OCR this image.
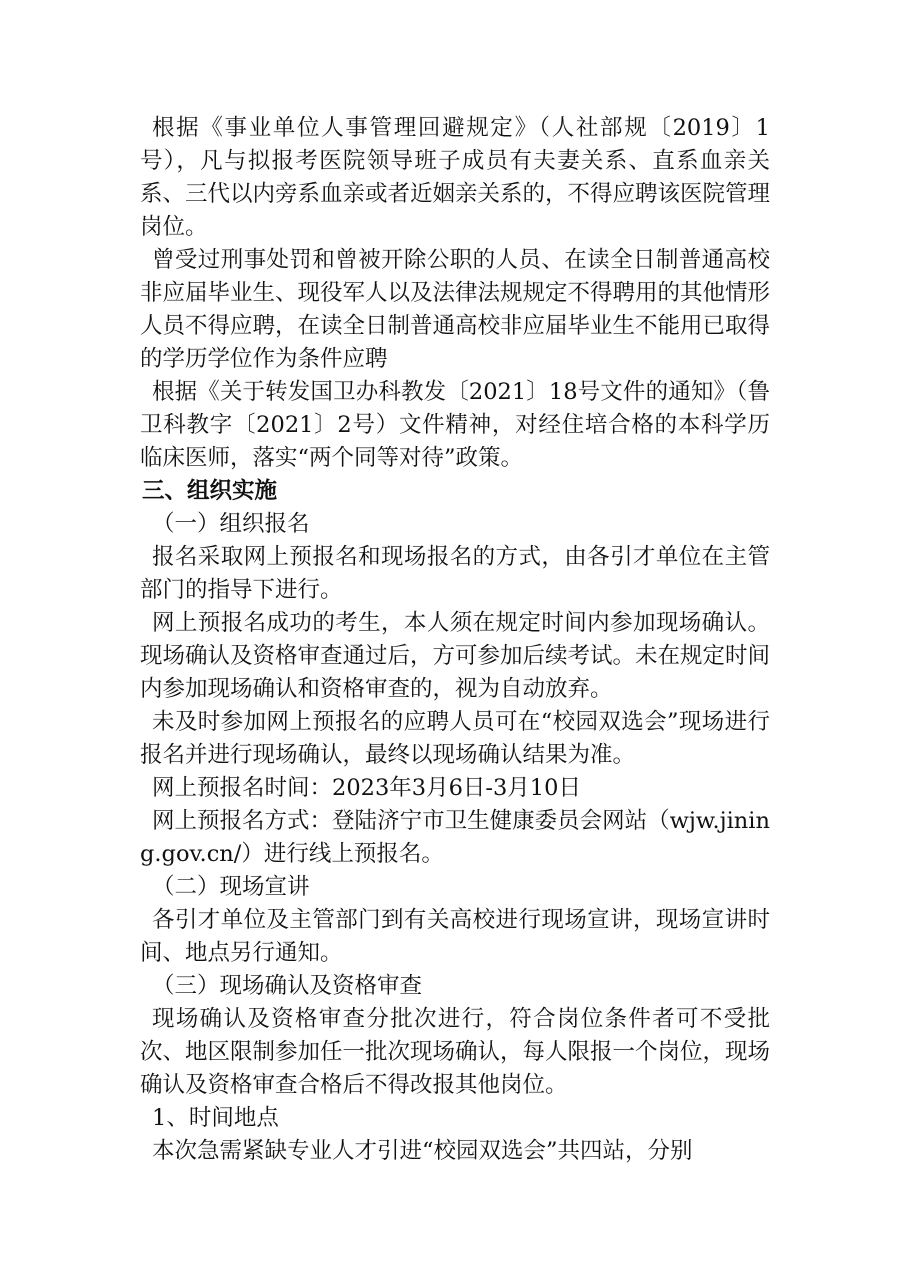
根据《事业单位人事管理回避规定》（人社部规〔2019〕1号），凡与拟报考医院领导班子成员有夫妻关系、直系血亲关系、三代以内旁系血亲或者近姻亲关系的，不得应聘该医院管理岗位。

曾受过刑事处罚和曾被开除公职的人员、在读全日制普通高校非应届毕业生、现役军人以及法律法规规定不得聘用的其他情形人员不得应聘，在读全日制普通高校非应届毕业生不能用已取得的学历学位作为条件应聘

根据《关于转发国卫办科教发〔2021〕18号文件的通知》（鲁卫科教字〔2021〕2号）文件精神，对经住培合格的本科学历临床医师，落实“两个同等对待”政策。

三、组织实施

（一）组织报名

报名采取网上预报名和现场报名的方式，由各引才单位在主管部门的指导下进行。

网上预报名成功的考生，本人须在规定时间内参加现场确认。现场确认及资格审查通过后，方可参加后续考试。未在规定时间内参加现场确认和资格审查的，视为自动放弃。

未及时参加网上预报名的应聘人员可在“校园双选会”现场进行报名并进行现场确认，最终以现场确认结果为准。

网上预报名时间：2023年3月6日-3月10日

网上预报名方式：登陆济宁市卫生健康委员会网站（wjw.jining.gov.cn/）进行线上预报名。

（二）现场宣讲

各引才单位及主管部门到有关高校进行现场宣讲，现场宣讲时间、地点另行通知。

（三）现场确认及资格审查

现场确认及资格审查分批次进行，符合岗位条件者可不受批次、地区限制参加任一批次现场确认，每人限报一个岗位，现场确认及资格审查合格后不得改报其他岗位。

1、时间地点

本次急需紧缺专业人才引进“校园双选会”共四站，分别
